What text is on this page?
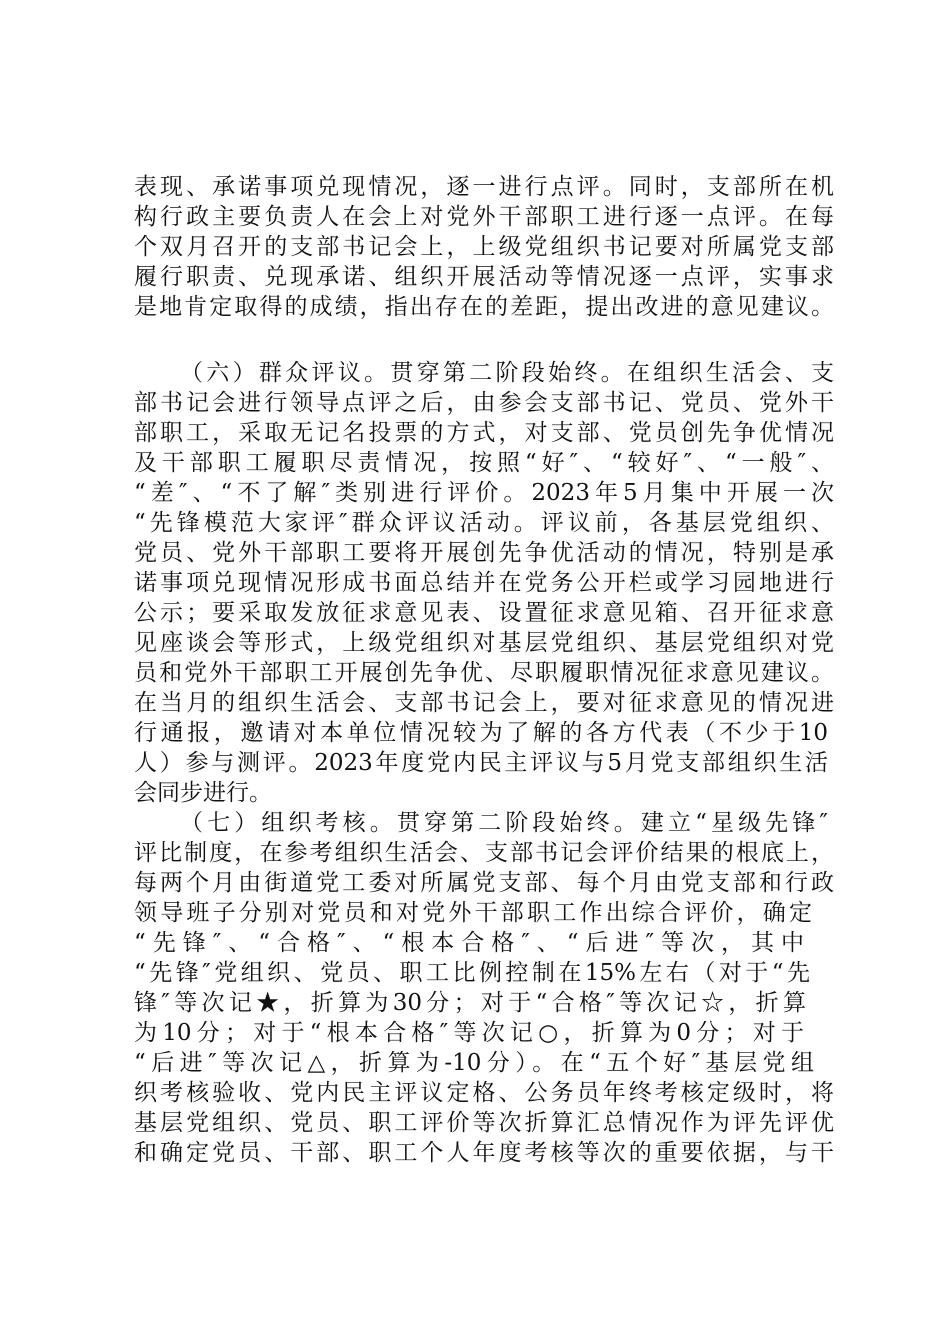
表现、承诺事项兑现情况，逐一进行点评。同时，支部所在机
构行政主要负责人在会上对党外干部职工进行逐一点评。在每
个双月召开的支部书记会上，上级党组织书记要对所属党支部
履行职责、兑现承诺、组织开展活动等情况逐一点评，实事求
是地肯定取得的成绩，指出存在的差距，提出改进的意见建议。
（六）群众评议。贯穿第二阶段始终。在组织生活会、支
部书记会进行领导点评之后，由参会支部书记、党员、党外干
部职工，采取无记名投票的方式，对支部、党员创先争优情况
及干部职工履职尽责情况，按照“好″、“较好″、“一般″、
“差″、“不了解″类别进行评价。2023年5月集中开展一次
“先锋模范大家评″群众评议活动。评议前，各基层党组织、
党员、党外干部职工要将开展创先争优活动的情况，特别是承
诺事项兑现情况形成书面总结并在党务公开栏或学习园地进行
公示；要采取发放征求意见表、设置征求意见箱、召开征求意
见座谈会等形式，上级党组织对基层党组织、基层党组织对党
员和党外干部职工开展创先争优、尽职履职情况征求意见建议。
在当月的组织生活会、支部书记会上，要对征求意见的情况进
行通报，邀请对本单位情况较为了解的各方代表（不少于10
人）参与测评。2023年度党内民主评议与5月党支部组织生活
会同步进行。
（七）组织考核。贯穿第二阶段始终。建立“星级先锋″
评比制度，在参考组织生活会、支部书记会评价结果的根底上，
每两个月由街道党工委对所属党支部、每个月由党支部和行政
领导班子分别对党员和对党外干部职工作出综合评价，确定
“先锋″、“合格″、“根本合格″、“后进″等次，其中
“先锋″党组织、党员、职工比例控制在15%左右（对于“先
锋″等次记★，折算为30分；对于“合格″等次记☆，折算
为10分；对于“根本合格″等次记○，折算为0分；对于
“后进″等次记△，折算为-10分）。在“五个好″基层党组
织考核验收、党内民主评议定格、公务员年终考核定级时，将
基层党组织、党员、职工评价等次折算汇总情况作为评先评优
和确定党员、干部、职工个人年度考核等次的重要依据，与干
